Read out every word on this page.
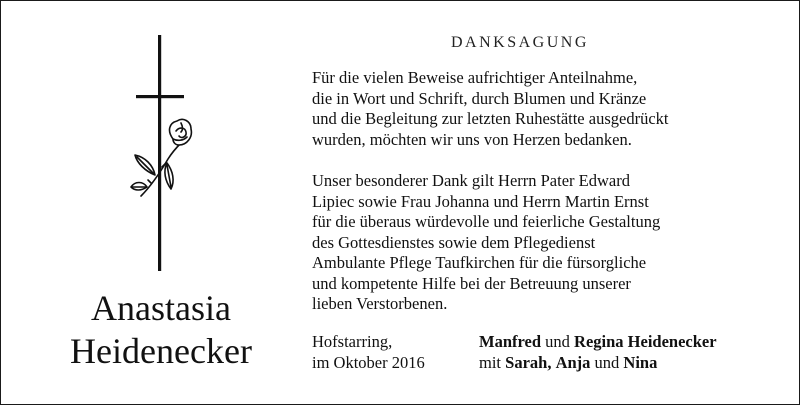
Anastasia
Heidenecker
DANKSAGUNG
Für die vielen Beweise aufrichtiger Anteilnahme,
die in Wort und Schrift, durch Blumen und Kränze
und die Begleitung zur letzten Ruhestätte ausgedrückt
wurden, möchten wir uns von Herzen bedanken.
Unser besonderer Dank gilt Herrn Pater Edward
Lipiec sowie Frau Johanna und Herrn Martin Ernst
für die überaus würdevolle und feierliche Gestaltung
des Gottesdienstes sowie dem Pflegedienst
Ambulante Pflege Taufkirchen für die fürsorgliche
und kompetente Hilfe bei der Betreuung unserer
lieben Verstorbenen.
Hofstarring,
im Oktober 2016
Manfred und Regina Heidenecker
mit Sarah, Anja und Nina
